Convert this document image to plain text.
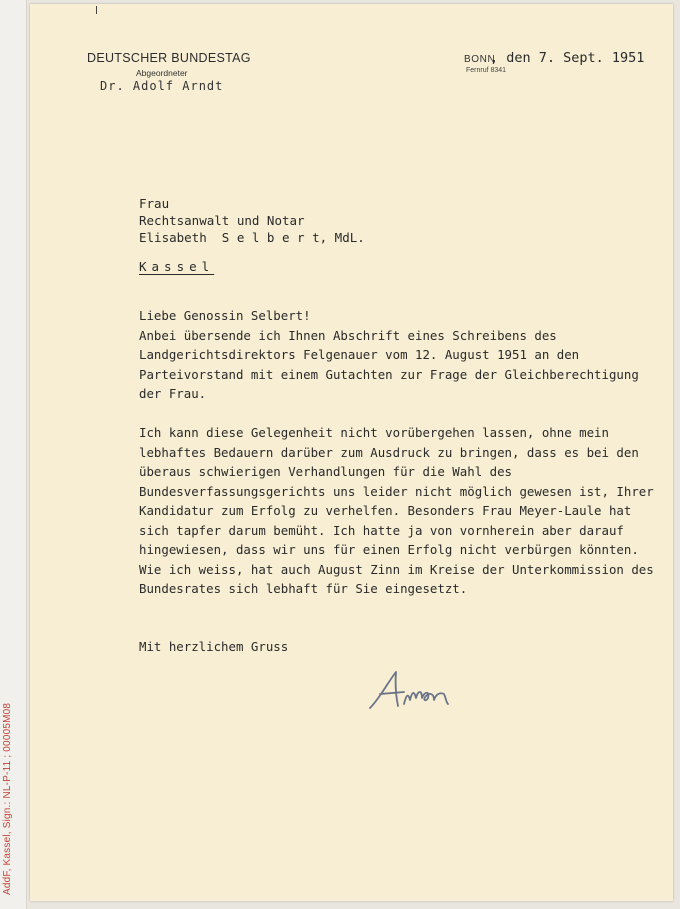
AddF, Kassel, Sign.: NL-P-11 ; 00005M08
DEUTSCHER BUNDESTAG
Abgeordneter
Dr. Adolf Arndt
BONN
, den 7. Sept. 1951
Fernruf 8341
Frau
Rechtsanwalt und Notar
Elisabeth  S e l b e r t, MdL.
Kassel

Liebe Genossin Selbert!

Anbei übersende ich Ihnen Abschrift eines Schreibens des Landgerichtsdirektors Felgenauer vom 12. August 1951 an den Parteivorstand mit einem Gutachten zur Frage der Gleichberechtigung der Frau.

Ich kann diese Gelegenheit nicht vorübergehen lassen, ohne mein lebhaftes Bedauern darüber zum Ausdruck zu bringen, dass es bei den überaus schwierigen Verhandlungen für die Wahl des Bundesverfassungsgerichts uns leider nicht möglich gewesen ist, Ihrer Kandidatur zum Erfolg zu verhelfen. Besonders Frau Meyer-Laule hat sich tapfer darum bemüht. Ich hatte ja von vornherein aber darauf hingewiesen, dass wir uns für einen Erfolg nicht verbürgen könnten. Wie ich weiss, hat auch August Zinn im Kreise der Unterkommission des Bundesrates sich lebhaft für Sie eingesetzt.

Mit herzlichem Gruss
